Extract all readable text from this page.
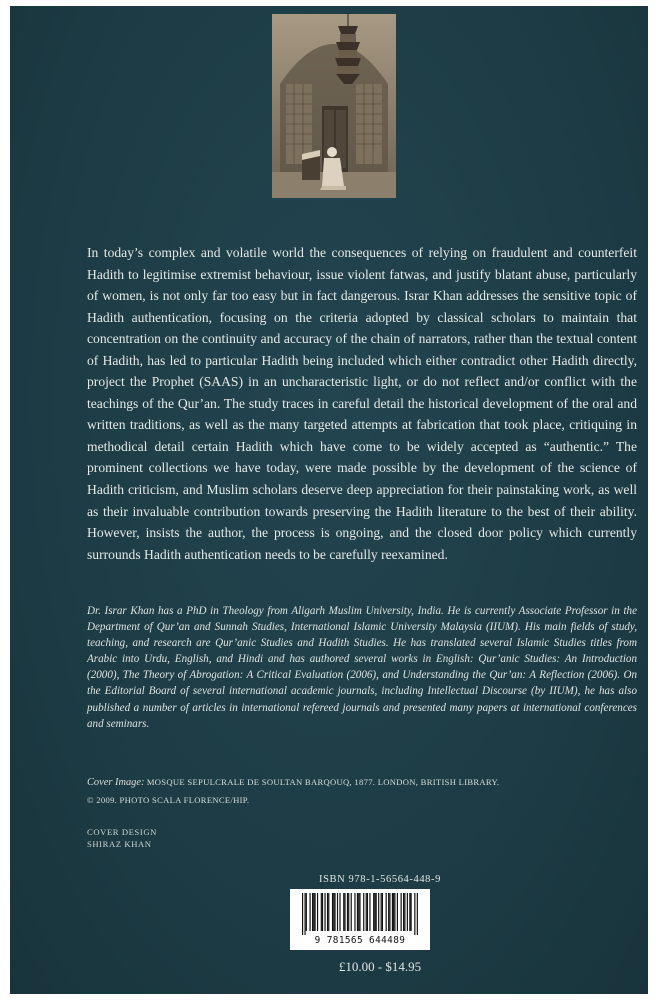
In today’s complex and volatile world the consequences of relying on fraudulent and counterfeit Hadith to legitimise extremist behaviour, issue violent fatwas, and justify blatant abuse, particularly of women, is not only far too easy but in fact dangerous. Israr Khan addresses the sensitive topic of Hadith authentication, focusing on the criteria adopted by classical scholars to maintain that concentration on the continuity and accuracy of the chain of narrators, rather than the textual content of Hadith, has led to particular Hadith being included which either contradict other Hadith directly, project the Prophet (SAAS) in an uncharacteristic light, or do not reflect and/or conflict with the teachings of the Qur’an. The study traces in careful detail the historical development of the oral and written traditions, as well as the many targeted attempts at fabrication that took place, critiquing in methodical detail certain Hadith which have come to be widely accepted as “authentic.” The prominent collections we have today, were made possible by the development of the science of Hadith criticism, and Muslim scholars deserve deep appreciation for their painstaking work, as well as their invaluable contribution towards preserving the Hadith literature to the best of their ability. However, insists the author, the process is ongoing, and the closed door policy which currently surrounds Hadith authentication needs to be carefully reexamined.

Dr. Israr Khan has a PhD in Theology from Aligarh Muslim University, India. He is currently Associate Professor in the Department of Qur’an and Sunnah Studies, International Islamic University Malaysia (IIUM). His main fields of study, teaching, and research are Qur’anic Studies and Hadith Studies. He has translated several Islamic Studies titles from Arabic into Urdu, English, and Hindi and has authored several works in English: Qur’anic Studies: An Introduction (2000), The Theory of Abrogation: A Critical Evaluation (2006), and Understanding the Qur’an: A Reflection (2006). On the Editorial Board of several international academic journals, including Intellectual Discourse (by IIUM), he has also published a number of articles in international refereed journals and presented many papers at international conferences and seminars.

Cover Image: MOSQUE SEPULCRALE DE SOULTAN BARQOUQ, 1877. LONDON, BRITISH LIBRARY.
© 2009. PHOTO SCALA FLORENCE/HIP.
COVER DESIGN
SHIRAZ KHAN
ISBN 978-1-56564-448-9
9 781565 644489
£10.00 - $14.95
